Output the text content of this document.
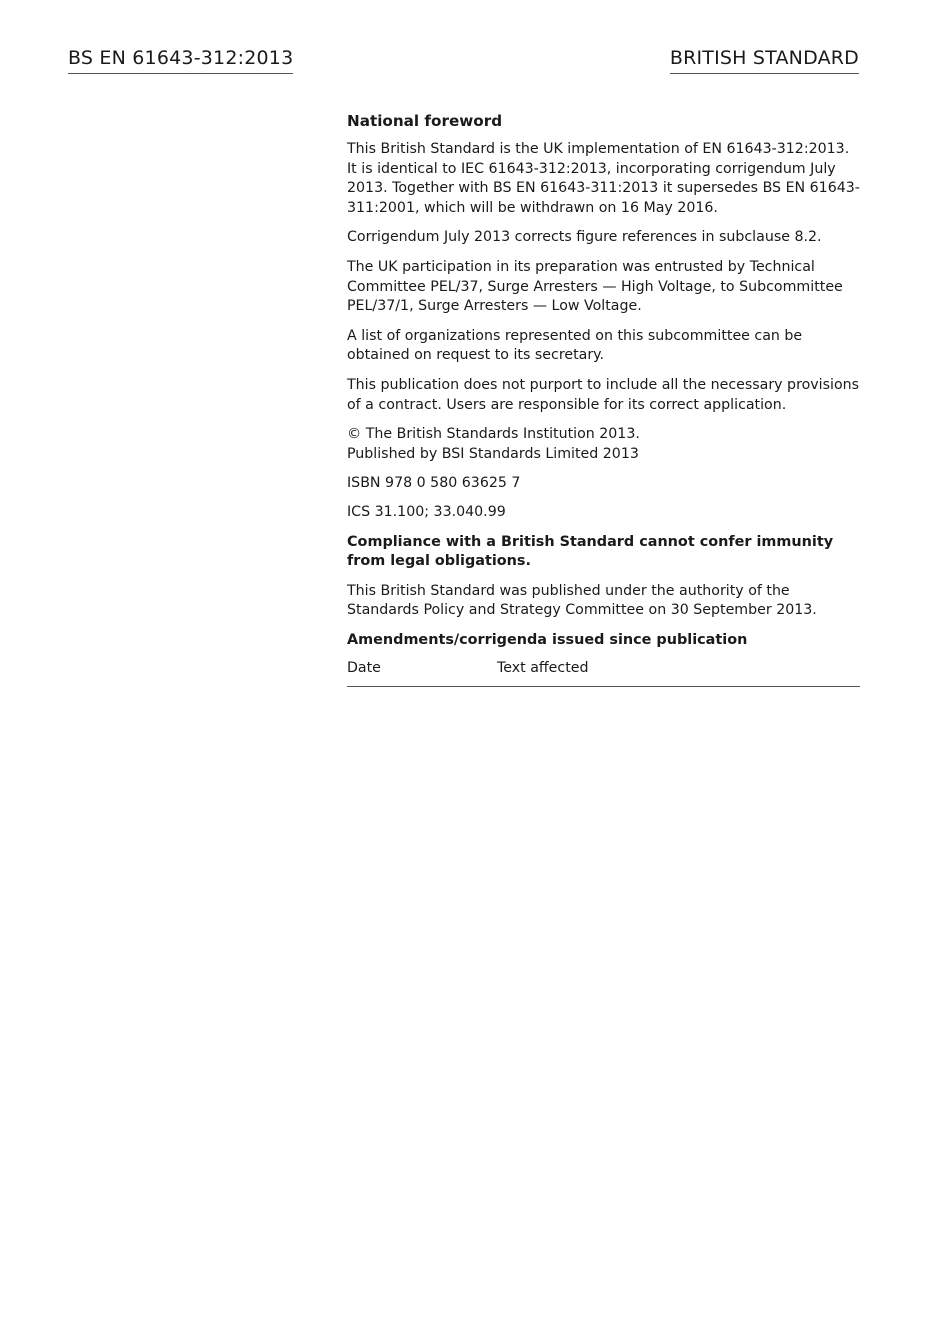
BS EN 61643-312:2013	BRITISH STANDARD

National foreword

This British Standard is the UK implementation of EN 61643-312:2013. It is identical to IEC 61643-312:2013, incorporating corrigendum July 2013. Together with BS EN 61643-311:2013 it supersedes BS EN 61643-311:2001, which will be withdrawn on 16 May 2016.

Corrigendum July 2013 corrects figure references in subclause 8.2.

The UK participation in its preparation was entrusted by Technical Committee PEL/37, Surge Arresters — High Voltage, to Subcommittee PEL/37/1, Surge Arresters — Low Voltage.

A list of organizations represented on this subcommittee can be obtained on request to its secretary.

This publication does not purport to include all the necessary provisions of a contract. Users are responsible for its correct application.

© The British Standards Institution 2013.
Published by BSI Standards Limited 2013

ISBN 978 0 580 63625 7

ICS 31.100; 33.040.99

Compliance with a British Standard cannot confer immunity from legal obligations.

This British Standard was published under the authority of the Standards Policy and Strategy Committee on 30 September 2013.

Amendments/corrigenda issued since publication

Date	Text affected
